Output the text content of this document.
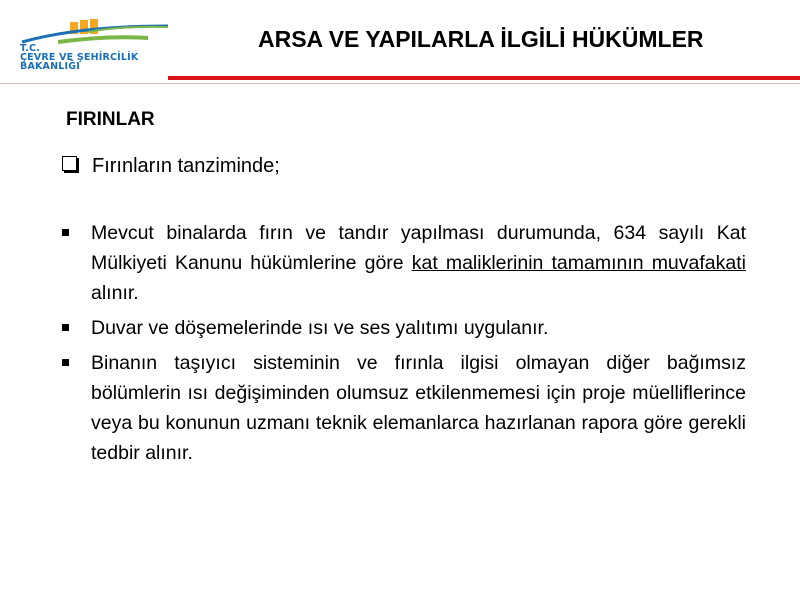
T.C.
ÇEVRE VE ŞEHİRCİLİK
BAKANLIĞI
ARSA VE YAPILARLA İLGİLİ HÜKÜMLER
FIRINLAR
Fırınların tanziminde;
Mevcut binalarda fırın ve tandır yapılması durumunda, 634 sayılı Kat Mülkiyeti Kanunu hükümlerine göre kat maliklerinin tamamının muvafakati alınır.
Duvar ve döşemelerinde ısı ve ses yalıtımı uygulanır.
Binanın taşıyıcı sisteminin ve fırınla ilgisi olmayan diğer bağımsız bölümlerin ısı değişiminden olumsuz etkilenmemesi için proje müelliflerince veya bu konunun uzmanı teknik elemanlarca hazırlanan rapora göre gerekli tedbir alınır.
